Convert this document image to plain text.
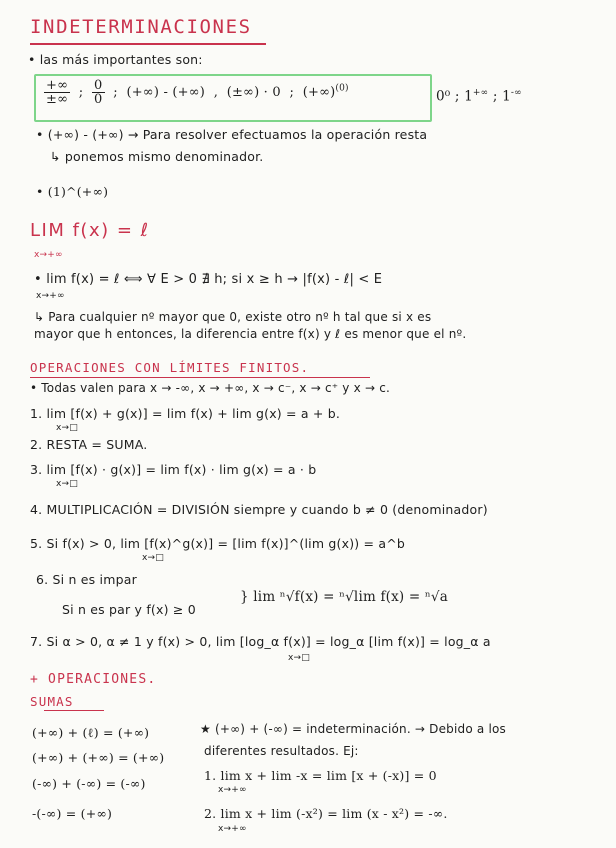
INDETERMINACIONES
• las más importantes son:
$\frac{+\infty}{\pm\infty}$ ; $\frac{0}{0}$ ;  (+∞) - (+∞)  ,  (±∞) · 0  ;  (+∞)$^{(0)}$	0⁰ ; 1+∞ ; 1-∞
• (+∞) - (+∞) → Para resolver efectuamos la operación resta
↳ ponemos mismo denominador.
• (1)^(+∞)
LIM f(x) = ℓ
x→+∞
• lim f(x) = ℓ ⟺ ∀ E > 0 ∄ h; si x ≥ h → |f(x) - ℓ| < E
x→+∞
↳ Para cualquier nº mayor que 0, existe otro nº h tal que si x es
mayor que h entonces, la diferencia entre f(x) y ℓ es menor que el nº.
OPERACIONES CON LÍMITES FINITOS.
• Todas valen para x → -∞, x → +∞, x → c⁻, x → c⁺ y x → c.
1. lim [f(x) + g(x)] = lim f(x) + lim g(x) = a + b.
x→□
2. RESTA = SUMA.
3. lim [f(x) · g(x)] = lim f(x) · lim g(x) = a · b
x→□
4. MULTIPLICACIÓN = DIVISIÓN siempre y cuando b ≠ 0 (denominador)
5. Si f(x) > 0, lim [f(x)^g(x)] = [lim f(x)]^(lim g(x)) = a^b
x→□
6. Si n es impar
Si n es par y f(x) ≥ 0
} lim ⁿ√f(x) = ⁿ√lim f(x) = ⁿ√a
7. Si α > 0, α ≠ 1 y f(x) > 0, lim [log_α f(x)] = log_α [lim f(x)] = log_α a
x→□
+ OPERACIONES.
SUMAS
(+∞) + (ℓ) = (+∞)
(+∞) + (+∞) = (+∞)
(-∞) + (-∞) = (-∞)
-(-∞) = (+∞)
★ (+∞) + (-∞) = indeterminación. → Debido a los
diferentes resultados. Ej:
1. lim x + lim -x = lim [x + (-x)] = 0
x→+∞
2. lim x + lim (-x²) = lim (x - x²) = -∞.
x→+∞
